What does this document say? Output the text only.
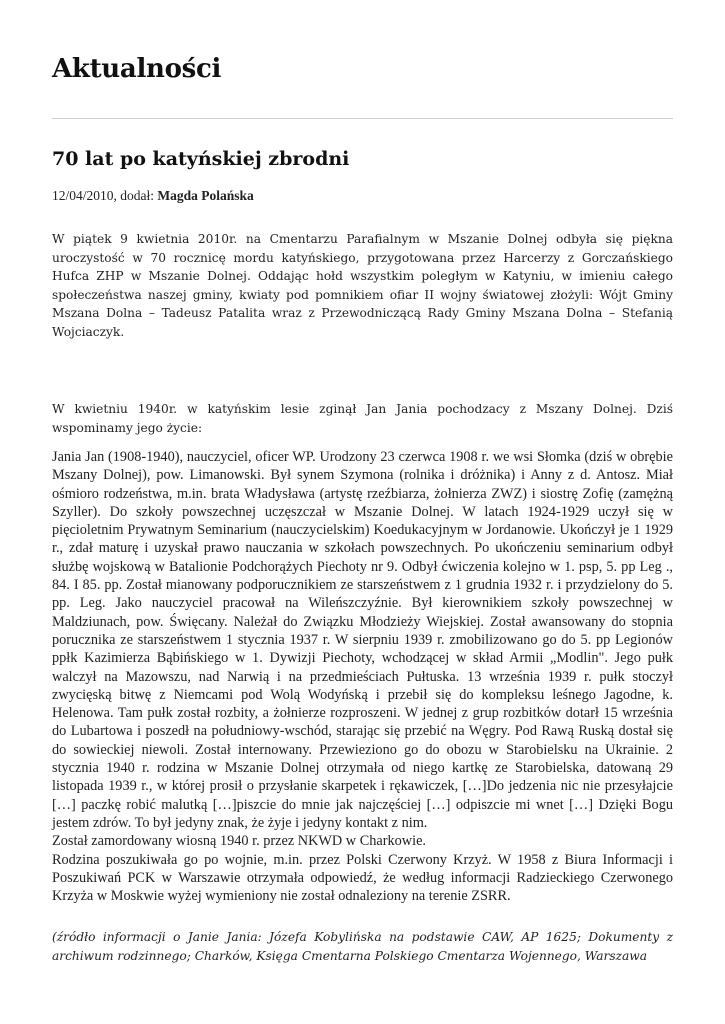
Aktualności
70 lat po katyńskiej zbrodni
12/04/2010, dodał: Magda Polańska

W piątek 9 kwietnia 2010r. na Cmentarzu Parafialnym w Mszanie Dolnej odbyła się piękna uroczystość w 70 rocznicę mordu katyńskiego, przygotowana przez Harcerzy z Gorczańskiego Hufca ZHP w Mszanie Dolnej. Oddając hołd wszystkim poległym w Katyniu, w imieniu całego społeczeństwa naszej gminy, kwiaty pod pomnikiem ofiar II wojny światowej złożyli: Wójt Gminy Mszana Dolna – Tadeusz Patalita wraz z Przewodniczącą Rady Gminy Mszana Dolna – Stefanią Wojciaczyk.

W kwietniu 1940r. w katyńskim lesie zginął Jan Jania pochodzacy z Mszany Dolnej. Dziś wspominamy jego życie:

Jania Jan (1908-1940), nauczyciel, oficer WP. Urodzony 23 czerwca 1908 r. we wsi Słomka (dziś w obrębie Mszany Dolnej), pow. Limanowski. Był synem Szymona (rolnika i dróżnika) i Anny z d. Antosz. Miał ośmioro rodzeństwa, m.in. brata Władysława (artystę rzeźbiarza, żołnierza ZWZ) i siostrę Zofię (zamężną Szyller). Do szkoły powszechnej uczęszczał w Mszanie Dolnej. W latach 1924-1929 uczył się w pięcioletnim Prywatnym Seminarium (nauczycielskim) Koedukacyjnym w Jordanowie. Ukończył je 1 1929 r., zdał maturę i uzyskał prawo nauczania w szkołach powszechnych. Po ukończeniu seminarium odbył służbę wojskową w Batalionie Podchorążych Piechoty nr 9. Odbył ćwiczenia kolejno w 1. psp, 5. pp Leg ., 84. I 85. pp. Został mianowany podporucznikiem ze starszeństwem z 1 grudnia 1932 r. i przydzielony do 5. pp. Leg. Jako nauczyciel pracował na Wileńszczyźnie. Był kierownikiem szkoły powszechnej w Maldziunach, pow. Święcany. Należał do Związku Młodzieży Wiejskiej. Został awansowany do stopnia porucznika ze starszeństwem 1 stycznia 1937 r. W sierpniu 1939 r. zmobilizowano go do 5. pp Legionów ppłk Kazimierza Bąbińskiego w 1. Dywizji Piechoty, wchodzącej w skład Armii „Modlin". Jego pułk walczył na Mazowszu, nad Narwią i na przedmieściach Pułtuska. 13 września 1939 r. pułk stoczył zwycięską bitwę z Niemcami pod Wolą Wodyńską i przebił się do kompleksu leśnego Jagodne, k. Helenowa. Tam pułk został rozbity, a żołnierze rozproszeni. W jednej z grup rozbitków dotarł 15 września do Lubartowa i poszedł na południowy-wschód, starając się przebić na Węgry. Pod Rawą Ruską dostał się do sowieckiej niewoli. Został internowany. Przewieziono go do obozu w Starobielsku na Ukrainie. 2 stycznia 1940 r. rodzina w Mszanie Dolnej otrzymała od niego kartkę ze Starobielska, datowaną 29 listopada 1939 r., w której prosił o przysłanie skarpetek i rękawiczek, […]Do jedzenia nic nie przesyłajcie […] paczkę robić malutką […]piszcie do mnie jak najczęściej […] odpiszcie mi wnet […] Dzięki Bogu jestem zdrów. To był jedyny znak, że żyje i jedyny kontakt z nim.
Został zamordowany wiosną 1940 r. przez NKWD w Charkowie.
Rodzina poszukiwała go po wojnie, m.in. przez Polski Czerwony Krzyż. W 1958 z Biura Informacji i Poszukiwań PCK w Warszawie otrzymała odpowiedź, że według informacji Radzieckiego Czerwonego Krzyża w Moskwie wyżej wymieniony nie został odnaleziony na terenie ZSRR.

(źródło informacji o Janie Jania: Józefa Kobylińska na podstawie CAW, AP 1625; Dokumenty z archiwum rodzinnego; Charków, Księga Cmentarna Polskiego Cmentarza Wojennego, Warszawa
